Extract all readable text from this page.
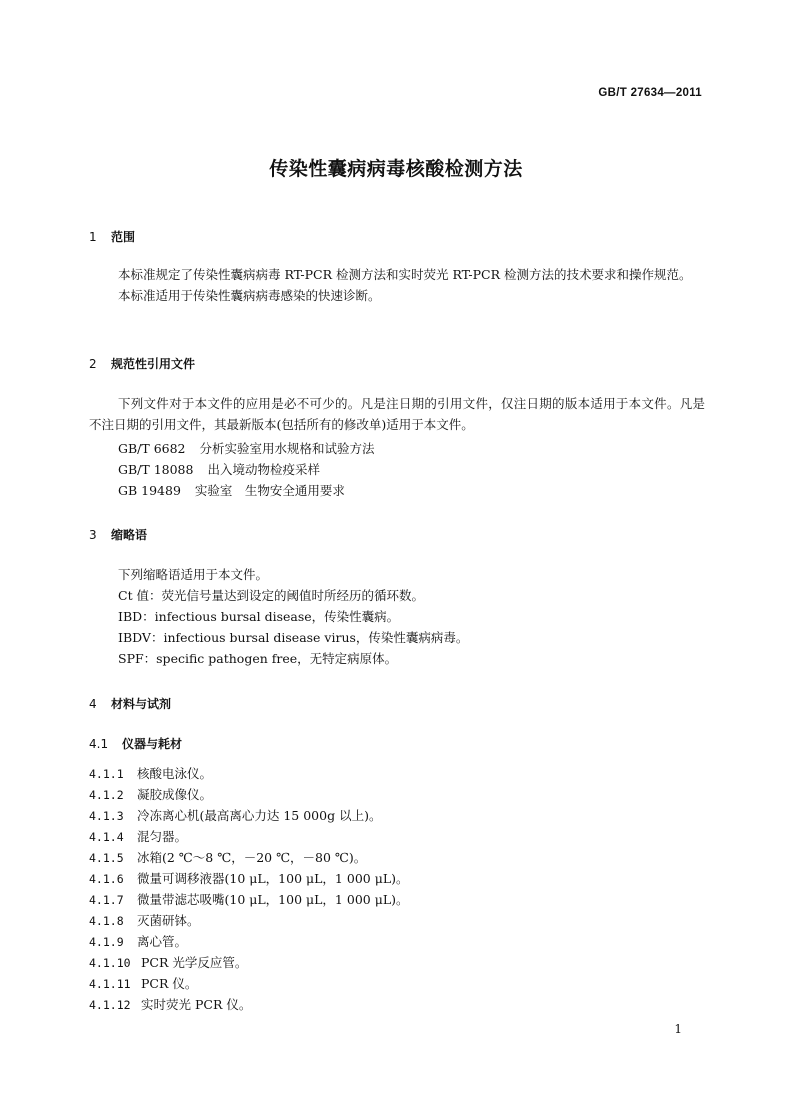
GB/T 27634—2011
传染性囊病病毒核酸检测方法
1 范围

本标准规定了传染性囊病病毒 RT-PCR 检测方法和实时荧光 RT-PCR 检测方法的技术要求和操作规范。

本标准适用于传染性囊病病毒感染的快速诊断。

2 规范性引用文件

下列文件对于本文件的应用是必不可少的。凡是注日期的引用文件，仅注日期的版本适用于本文件。凡是不注日期的引用文件，其最新版本(包括所有的修改单)适用于本文件。

GB/T 6682 分析实验室用水规格和试验方法
GB/T 18088 出入境动物检疫采样
GB 19489 实验室　生物安全通用要求
3 缩略语
下列缩略语适用于本文件。
Ct 值：荧光信号量达到设定的阈值时所经历的循环数。
IBD：infectious bursal disease，传染性囊病。
IBDV：infectious bursal disease virus，传染性囊病病毒。
SPF：specific pathogen free，无特定病原体。
4 材料与试剂
4.1 仪器与耗材
4.1.1 核酸电泳仪。
4.1.2 凝胶成像仪。
4.1.3 冷冻离心机(最高离心力达 15 000g 以上)。
4.1.4 混匀器。
4.1.5 冰箱(2 ℃～8 ℃，－20 ℃，－80 ℃)。
4.1.6 微量可调移液器(10 μL，100 μL，1 000 μL)。
4.1.7 微量带滤芯吸嘴(10 μL，100 μL，1 000 μL)。
4.1.8 灭菌研钵。
4.1.9 离心管。
4.1.10 PCR 光学反应管。
4.1.11 PCR 仪。
4.1.12 实时荧光 PCR 仪。
1
